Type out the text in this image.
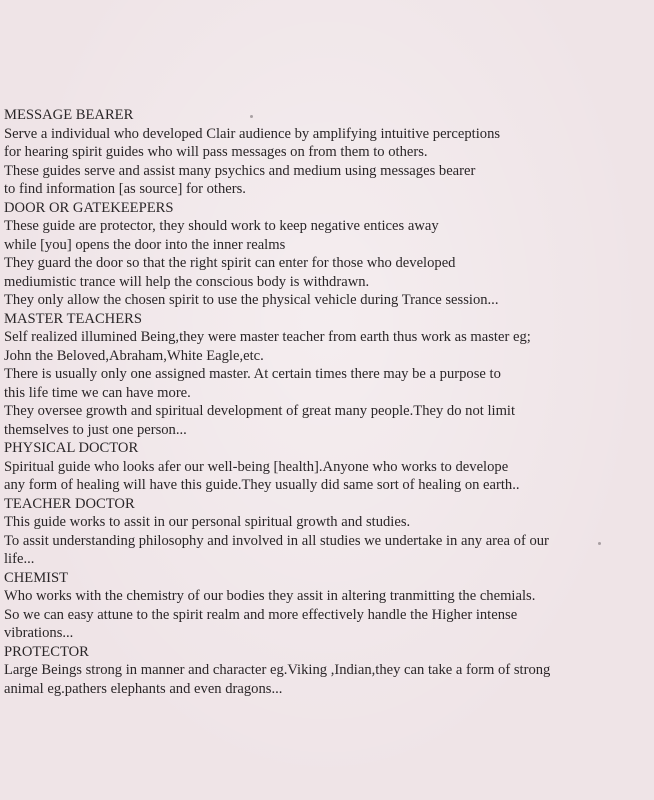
MESSAGE BEARER
Serve a individual who developed Clair audience by amplifying intuitive perceptions
for hearing spirit guides who will pass messages on from them to others.
These guides serve and assist many psychics and medium using messages bearer
to find information [as source] for others.
DOOR OR GATEKEEPERS
These guide are protector, they should work to keep negative entices away
while [you] opens the door into the inner realms
They guard the door so that the right spirit can enter for those who developed
mediumistic trance will help the conscious body is withdrawn.
They only allow the chosen spirit to use the physical vehicle during Trance session...
MASTER TEACHERS
Self realized illumined Being,they were master teacher from earth thus work as master eg;
John the Beloved,Abraham,White Eagle,etc.
There is usually only one assigned master. At certain times there may be a purpose to
this life time we can have more.
They oversee growth and spiritual development of great many people.They do not limit
themselves to just one person...
PHYSICAL DOCTOR
Spiritual guide who looks afer our well-being [health].Anyone who works to develope
any form of healing will have this guide.They usually did same sort of healing on earth..
TEACHER DOCTOR
This guide works to assit in our personal spiritual growth and studies.
To assit understanding philosophy and involved in all studies we undertake in any area of our
life...
CHEMIST
Who works with the chemistry of our bodies they assit in altering tranmitting the chemials.
So we can easy attune to the spirit realm and more effectively handle the Higher intense
vibrations...
PROTECTOR
Large Beings strong in manner and character eg.Viking ,Indian,they can take a form of strong
animal eg.pathers elephants and even dragons...
